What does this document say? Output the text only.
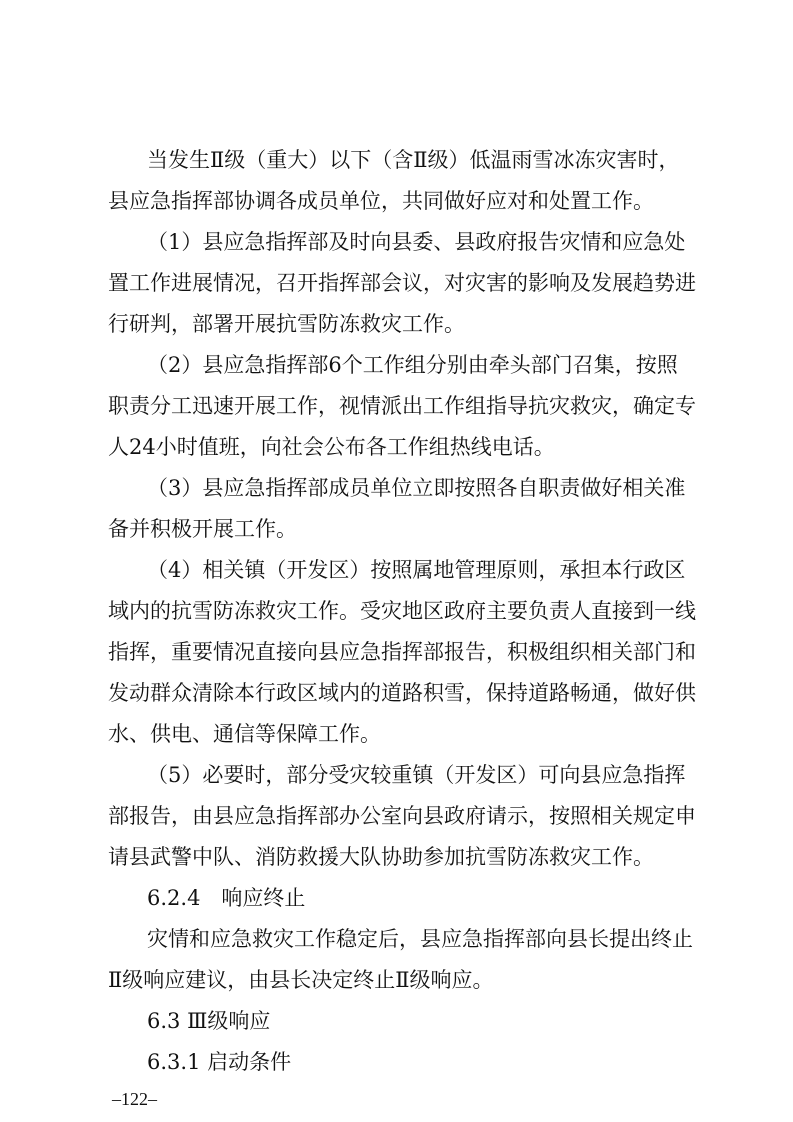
当发生Ⅱ级（重大）以下（含Ⅱ级）低温雨雪冰冻灾害时，
县应急指挥部协调各成员单位，共同做好应对和处置工作。
（1）县应急指挥部及时向县委、县政府报告灾情和应急处
置工作进展情况，召开指挥部会议，对灾害的影响及发展趋势进
行研判，部署开展抗雪防冻救灾工作。
（2）县应急指挥部6个工作组分别由牵头部门召集，按照
职责分工迅速开展工作，视情派出工作组指导抗灾救灾，确定专
人24小时值班，向社会公布各工作组热线电话。
（3）县应急指挥部成员单位立即按照各自职责做好相关准
备并积极开展工作。
（4）相关镇（开发区）按照属地管理原则，承担本行政区
域内的抗雪防冻救灾工作。受灾地区政府主要负责人直接到一线
指挥，重要情况直接向县应急指挥部报告，积极组织相关部门和
发动群众清除本行政区域内的道路积雪，保持道路畅通，做好供
水、供电、通信等保障工作。
（5）必要时，部分受灾较重镇（开发区）可向县应急指挥
部报告，由县应急指挥部办公室向县政府请示，按照相关规定申
请县武警中队、消防救援大队协助参加抗雪防冻救灾工作。
6.2.4　响应终止
灾情和应急救灾工作稳定后，县应急指挥部向县长提出终止
Ⅱ级响应建议，由县长决定终止Ⅱ级响应。
6.3 Ⅲ级响应
6.3.1 启动条件
–122–
